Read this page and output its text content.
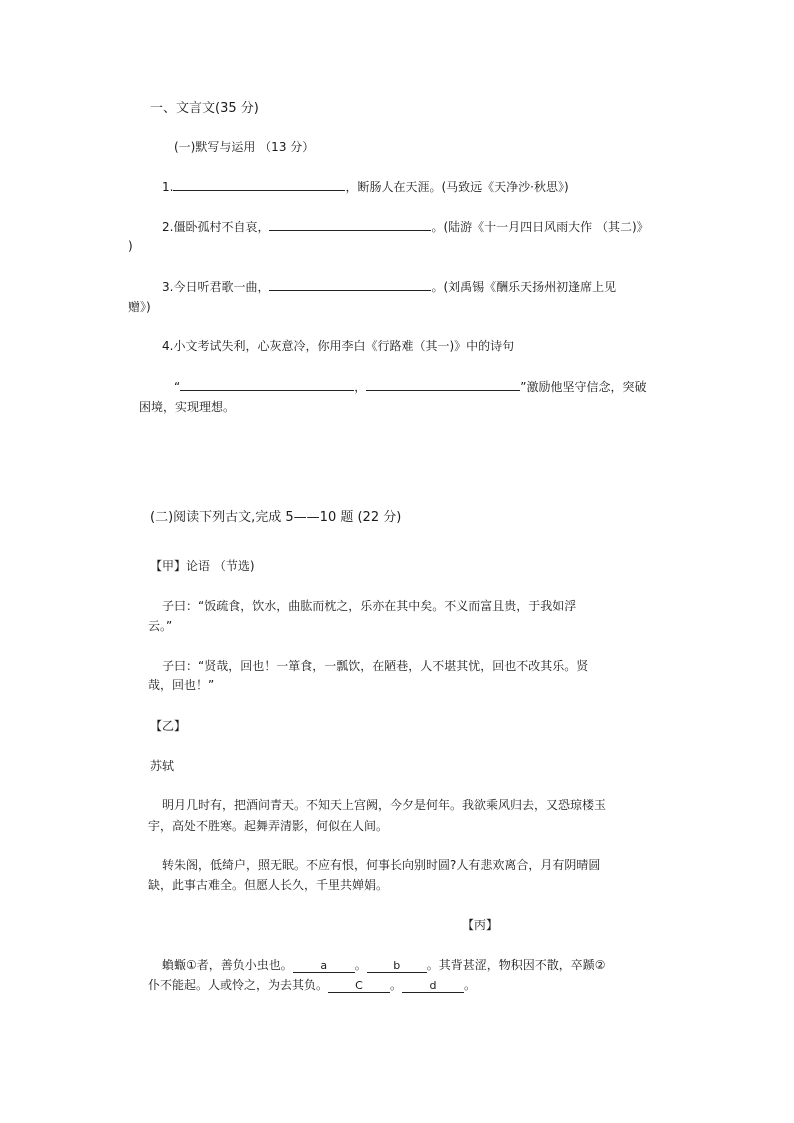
一、文言文(35 分)
(一)默写与运用 （13 分）
1.	，断肠人在天涯。(马致远《天净沙·秋思》)
2.僵卧孤村不自哀，	。(陆游《十一月四日风雨大作 （其二)》
)
3.今日听君歌一曲，	。(刘禹锡《酬乐天扬州初逢席上见
赠》)
4.小文考试失利，心灰意冷，你用李白《行路难（其一)》中的诗句
“	，	”激励他坚守信念，突破
困境，实现理想。
(二)阅读下列古文,完成 5——10 题 (22 分)
【甲】论语 （节选)
子曰：“饭疏食，饮水，曲肱而枕之，乐亦在其中矣。不义而富且贵，于我如浮
云。”
子曰：“贤哉，回也！一箪食，一瓢饮，在陋巷，人不堪其忧，回也不改其乐。贤
哉，回也！”
【乙】
苏轼
明月几时有，把酒问青天。不知天上宫阙，今夕是何年。我欲乘风归去，又恐琼楼玉
宇，高处不胜寒。起舞弄清影，何似在人间。
转朱阁，低绮户，照无眠。不应有恨，何事长向别时圆?人有悲欢离合，月有阴晴圆
缺，此事古难全。但愿人长久，千里共婵娟。
【丙】
蝜蝂①者，善负小虫也。	a 。 b 。其背甚涩，物积因不散，卒踬②
仆不能起。人或怜之，为去其负。 C 。	d 。
